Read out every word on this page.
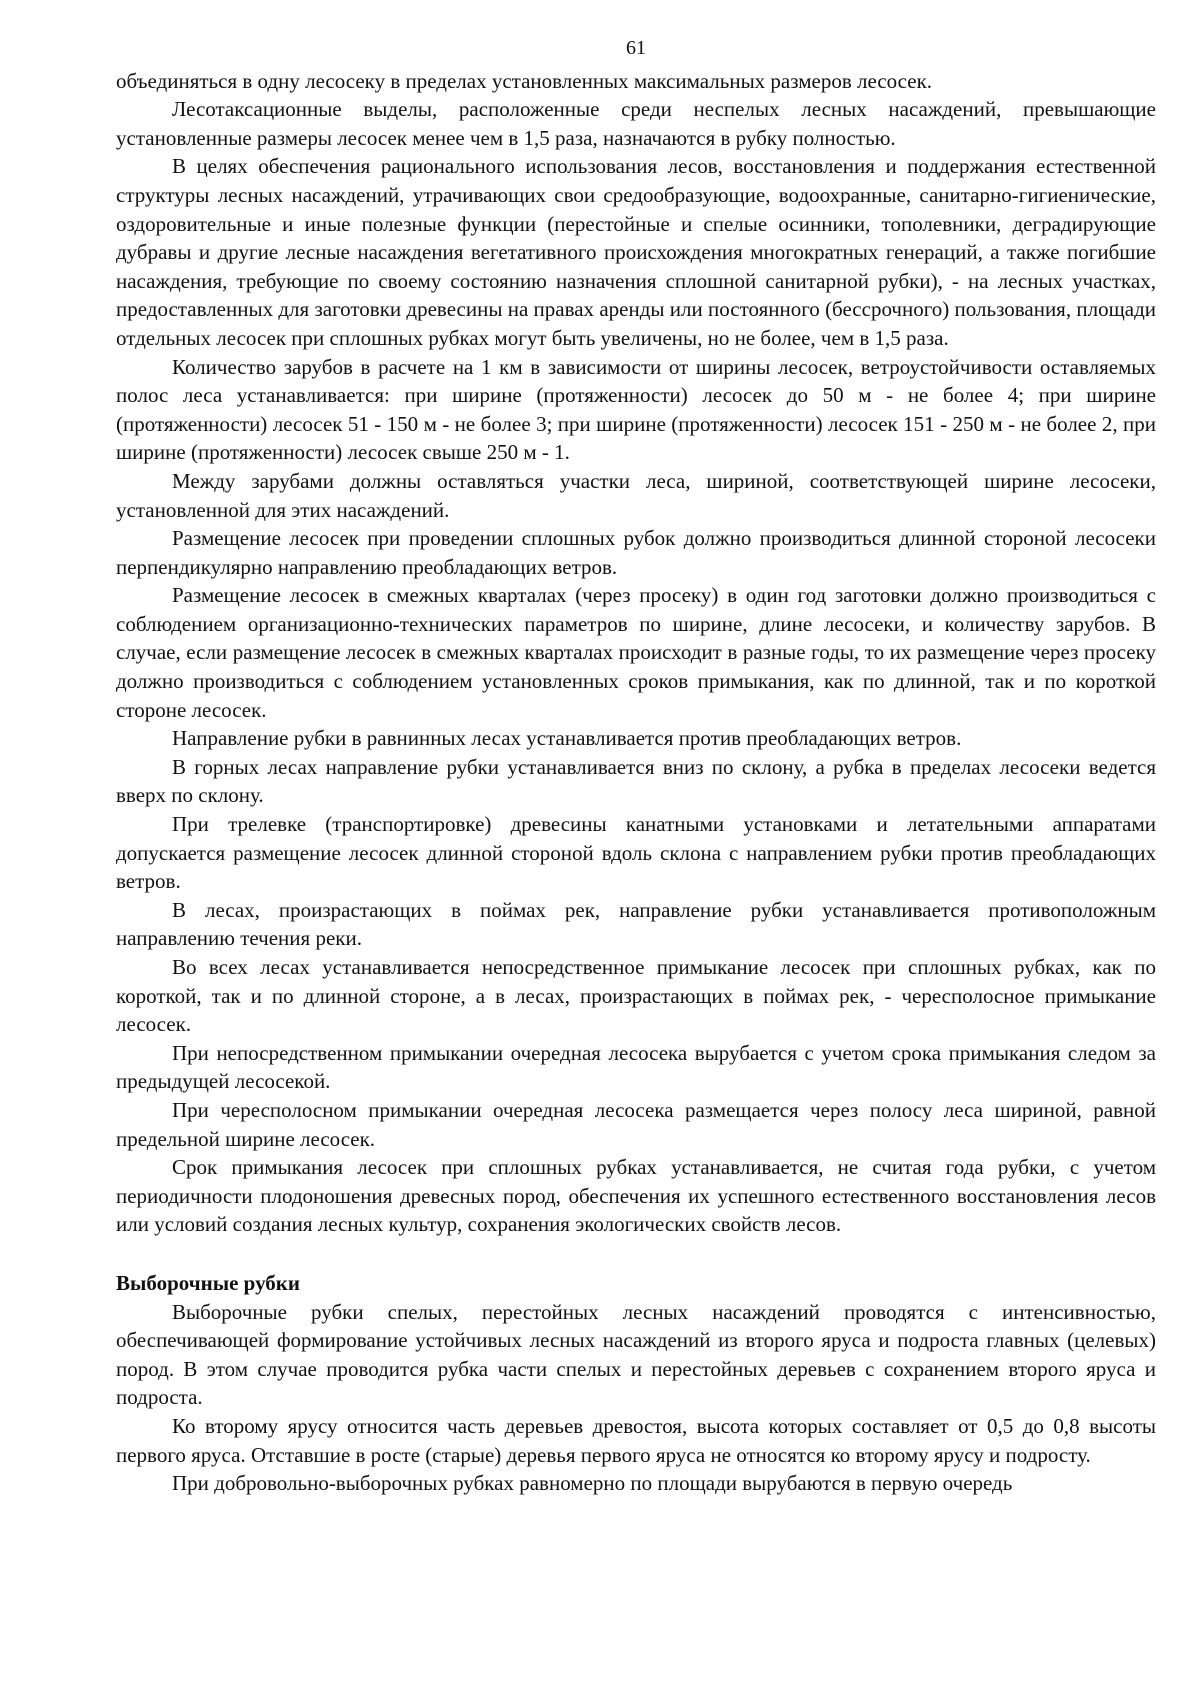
61

объединяться в одну лесосеку в пределах установленных максимальных размеров лесосек.

Лесотаксационные выделы, расположенные среди неспелых лесных насаждений, превышающие установленные размеры лесосек менее чем в 1,5 раза, назначаются в рубку полностью.

В целях обеспечения рационального использования лесов, восстановления и поддержания естественной структуры лесных насаждений, утрачивающих свои средообразующие, водоохранные, санитарно-гигиенические, оздоровительные и иные полезные функции (перестойные и спелые осинники, тополевники, деградирующие дубравы и другие лесные насаждения вегетативного происхождения многократных генераций, а также погибшие насаждения, требующие по своему состоянию назначения сплошной санитарной рубки), - на лесных участках, предоставленных для заготовки древесины на правах аренды или постоянного (бессрочного) пользования, площади отдельных лесосек при сплошных рубках могут быть увеличены, но не более, чем в 1,5 раза.

Количество зарубов в расчете на 1 км в зависимости от ширины лесосек, ветроустойчивости оставляемых полос леса устанавливается: при ширине (протяженности) лесосек до 50 м - не более 4; при ширине (протяженности) лесосек 51 - 150 м - не более 3; при ширине (протяженности) лесосек 151 - 250 м - не более 2, при ширине (протяженности) лесосек свыше 250 м - 1.

Между зарубами должны оставляться участки леса, шириной, соответствующей ширине лесосеки, установленной для этих насаждений.

Размещение лесосек при проведении сплошных рубок должно производиться длинной стороной лесосеки перпендикулярно направлению преобладающих ветров.

Размещение лесосек в смежных кварталах (через просеку) в один год заготовки должно производиться с соблюдением организационно-технических параметров по ширине, длине лесосеки, и количеству зарубов. В случае, если размещение лесосек в смежных кварталах происходит в разные годы, то их размещение через просеку должно производиться с соблюдением установленных сроков примыкания, как по длинной, так и по короткой стороне лесосек.

Направление рубки в равнинных лесах устанавливается против преобладающих ветров.

В горных лесах направление рубки устанавливается вниз по склону, а рубка в пределах лесосеки ведется вверх по склону.

При трелевке (транспортировке) древесины канатными установками и летательными аппаратами допускается размещение лесосек длинной стороной вдоль склона с направлением рубки против преобладающих ветров.

В лесах, произрастающих в поймах рек, направление рубки устанавливается противоположным направлению течения реки.

Во всех лесах устанавливается непосредственное примыкание лесосек при сплошных рубках, как по короткой, так и по длинной стороне, а в лесах, произрастающих в поймах рек, - чересполосное примыкание лесосек.

При непосредственном примыкании очередная лесосека вырубается с учетом срока примыкания следом за предыдущей лесосекой.

При чересполосном примыкании очередная лесосека размещается через полосу леса шириной, равной предельной ширине лесосек.

Срок примыкания лесосек при сплошных рубках устанавливается, не считая года рубки, с учетом периодичности плодоношения древесных пород, обеспечения их успешного естественного восстановления лесов или условий создания лесных культур, сохранения экологических свойств лесов.

Выборочные рубки

Выборочные рубки спелых, перестойных лесных насаждений проводятся с интенсивностью, обеспечивающей формирование устойчивых лесных насаждений из второго яруса и подроста главных (целевых) пород. В этом случае проводится рубка части спелых и перестойных деревьев с сохранением второго яруса и подроста.

Ко второму ярусу относится часть деревьев древостоя, высота которых составляет от 0,5 до 0,8 высоты первого яруса. Отставшие в росте (старые) деревья первого яруса не относятся ко второму ярусу и подросту.

При добровольно-выборочных рубках равномерно по площади вырубаются в первую очередь
